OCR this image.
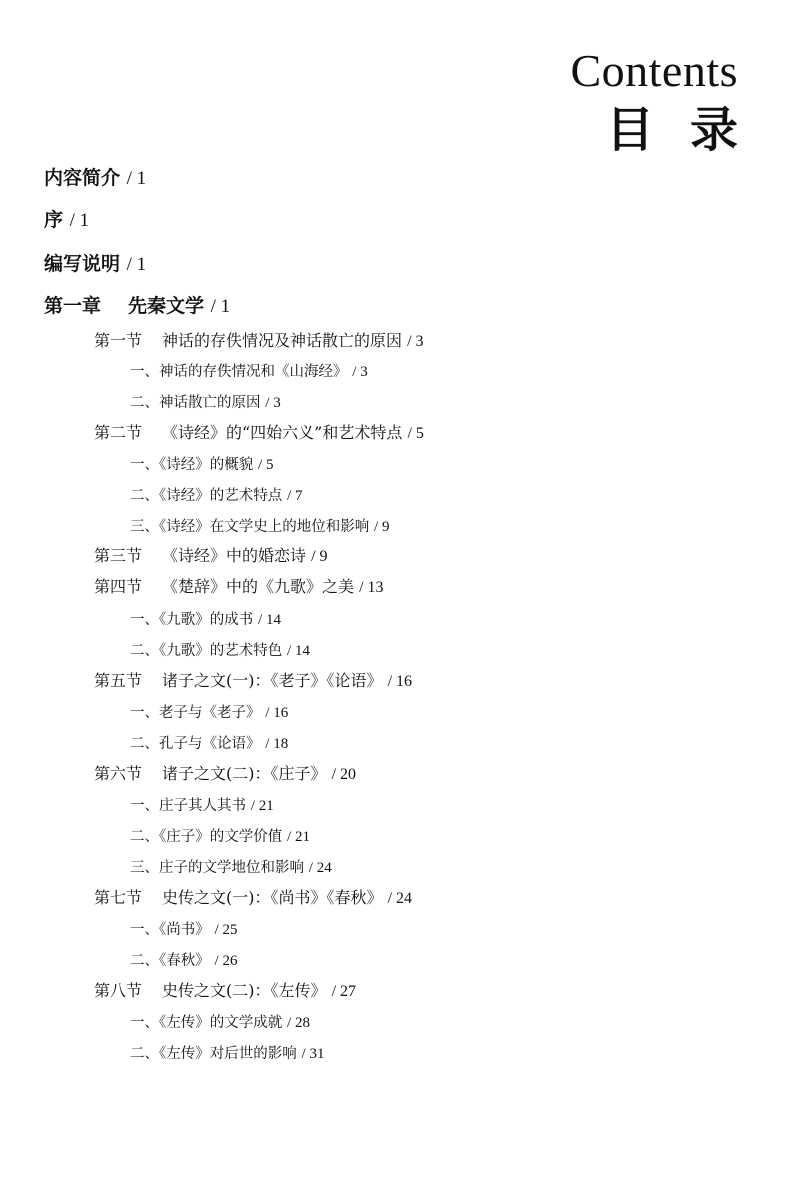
Contents
目录
内容简介 / 1
序 / 1
编写说明 / 1
第一章 先秦文学 / 1
第一节 神话的存佚情况及神话散亡的原因 / 3
一、神话的存佚情况和《山海经》 / 3
二、神话散亡的原因 / 3
第二节 《诗经》的“四始六义”和艺术特点 / 5
一、《诗经》的概貌 / 5
二、《诗经》的艺术特点 / 7
三、《诗经》在文学史上的地位和影响 / 9
第三节 《诗经》中的婚恋诗 / 9
第四节 《楚辞》中的《九歌》之美 / 13
一、《九歌》的成书 / 14
二、《九歌》的艺术特色 / 14
第五节 诸子之文(一)：《老子》《论语》 / 16
一、老子与《老子》 / 16
二、孔子与《论语》 / 18
第六节 诸子之文(二)：《庄子》 / 20
一、庄子其人其书 / 21
二、《庄子》的文学价值 / 21
三、庄子的文学地位和影响 / 24
第七节 史传之文(一)：《尚书》《春秋》 / 24
一、《尚书》 / 25
二、《春秋》 / 26
第八节 史传之文(二)：《左传》 / 27
一、《左传》的文学成就 / 28
二、《左传》对后世的影响 / 31
